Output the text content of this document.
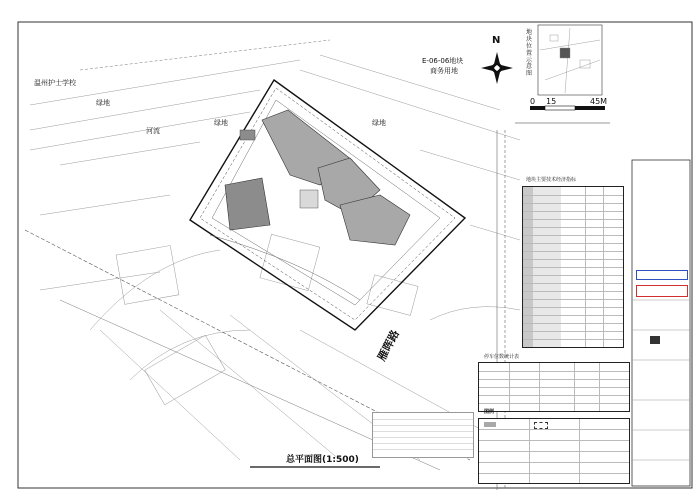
温州护士学校
绿地
河流
绿地	绿地
E-06-06地块
商务用地
雁晖路
总平面图(1:500)
N
地块位置示意图
0 15	45M
地块主要技术经济指标
停车位数统计表
图例
